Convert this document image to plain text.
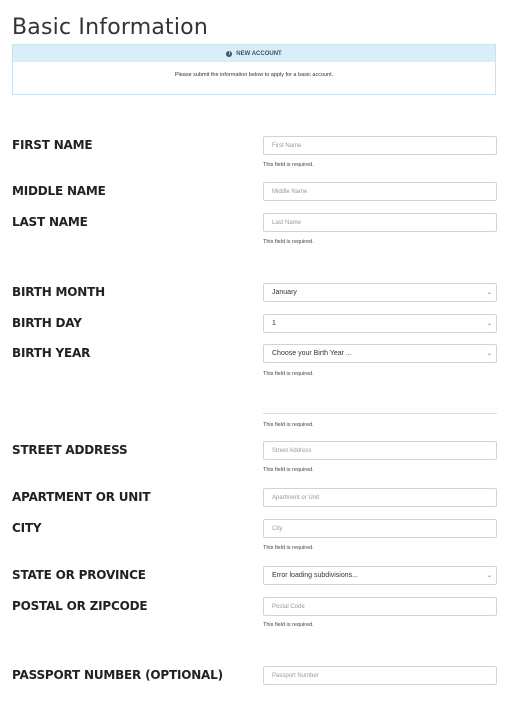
Basic Information
i	NEW ACCOUNT
Please submit the information below to apply for a basic account.
FIRST NAME	First Name
This field is required.
MIDDLE NAME	Middle Name
LAST NAME	Last Name
This field is required.
BIRTH MONTH	January	⌄
BIRTH DAY	1	⌄
BIRTH YEAR	Choose your Birth Year ...	⌄
This field is required.
This field is required.
STREET ADDRESS	Street Address
This field is required.
APARTMENT OR UNIT	Apartment or Unit
CITY	City
This field is required.
STATE OR PROVINCE	Error loading subdivisions...	⌄
POSTAL OR ZIPCODE	Postal Code
This field is required.
PASSPORT NUMBER (OPTIONAL)	Passport Number
